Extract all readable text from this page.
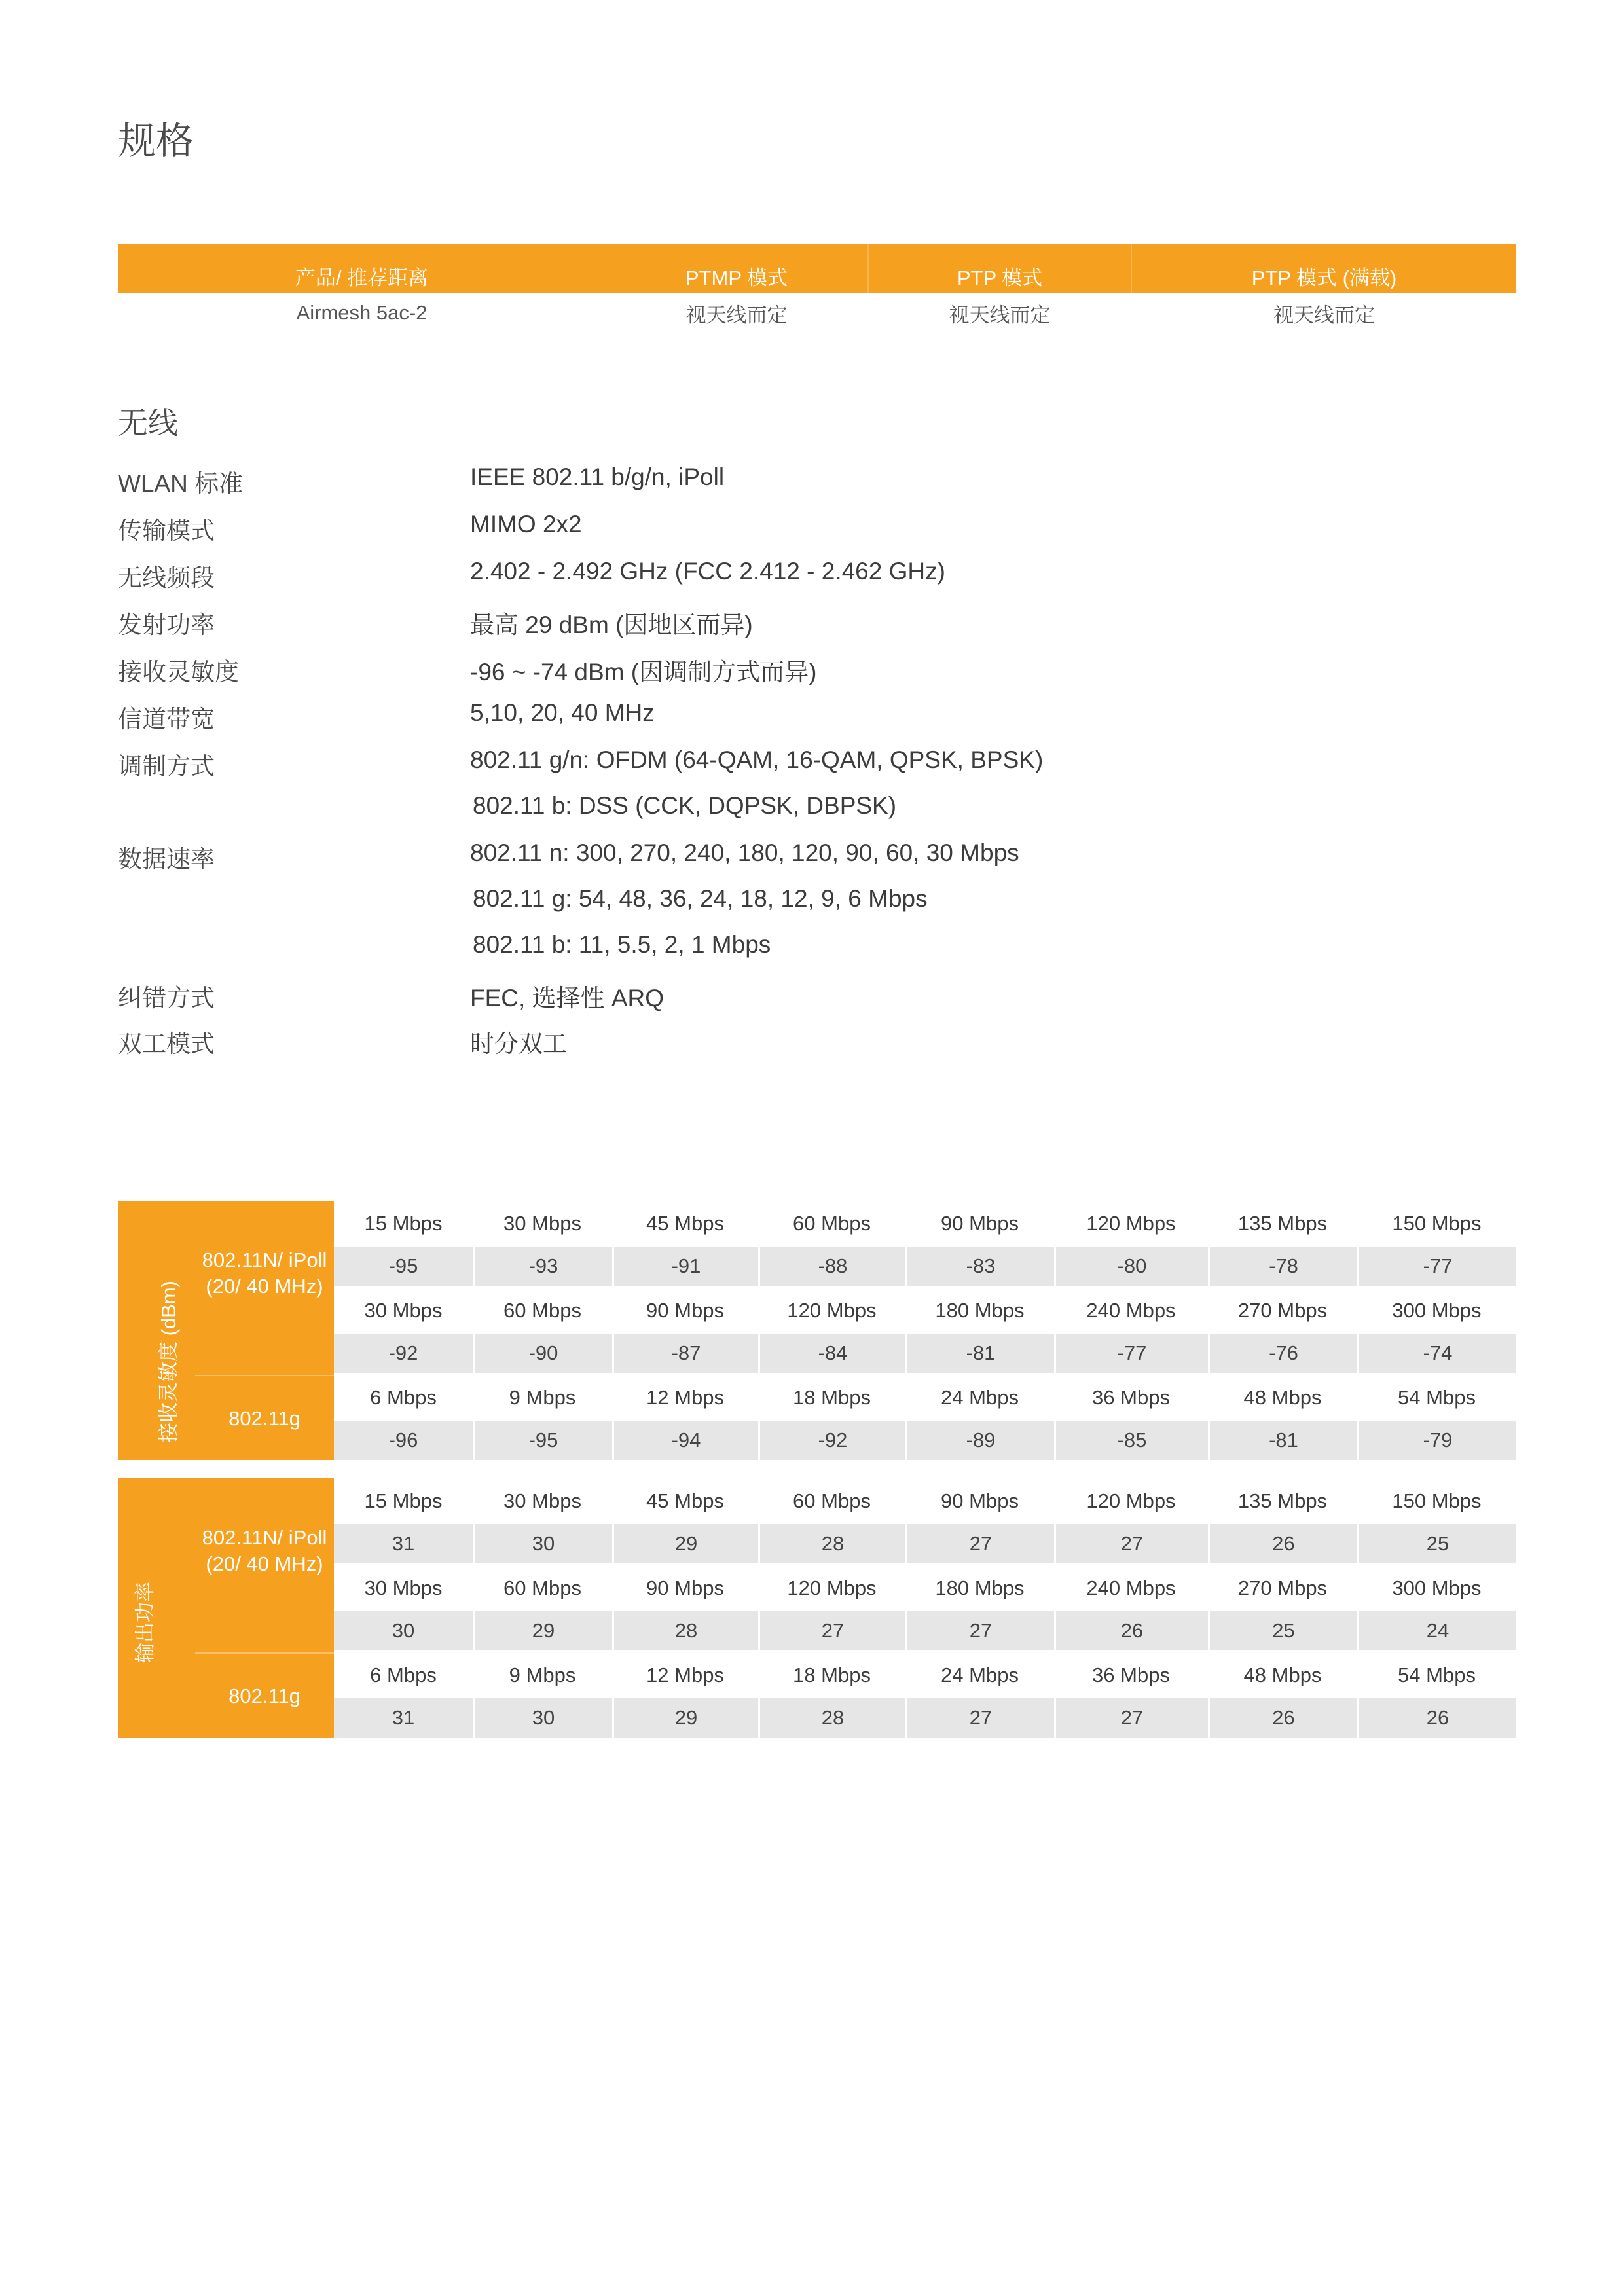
规格
产品/ 推荐距离	PTMP 模式	PTP 模式	PTP 模式 (满载)
Airmesh 5ac-2	视天线而定	视天线而定	视天线而定
无线
WLAN 标准	IEEE 802.11 b/g/n, iPoll
传输模式	MIMO 2x2
无线频段	2.402 - 2.492 GHz (FCC 2.412 - 2.462 GHz)
发射功率	最高 29 dBm (因地区而异)
接收灵敏度	-96 ~ -74 dBm (因调制方式而异)
信道带宽	5,10, 20, 40 MHz
调制方式	802.11 g/n: OFDM (64-QAM, 16-QAM, QPSK, BPSK)
802.11 b: DSS (CCK, DQPSK, DBPSK)
数据速率	802.11 n: 300, 270, 240, 180, 120, 90, 60, 30 Mbps
802.11 g: 54, 48, 36, 24, 18, 12, 9, 6 Mbps
802.11 b: 11, 5.5, 2, 1 Mbps
纠错方式	FEC, 选择性 ARQ
双工模式	时分双工
接收灵敏度 (dBm)
802.11N/ iPoll (20/ 40 MHz)
802.11g
15 Mbps	30 Mbps	45 Mbps	60 Mbps	90 Mbps	120 Mbps	135 Mbps	150 Mbps
-95	-93	-91	-88	-83	-80	-78	-77
30 Mbps	60 Mbps	90 Mbps	120 Mbps	180 Mbps	240 Mbps	270 Mbps	300 Mbps
-92	-90	-87	-84	-81	-77	-76	-74
6 Mbps	9 Mbps	12 Mbps	18 Mbps	24 Mbps	36 Mbps	48 Mbps	54 Mbps
-96	-95	-94	-92	-89	-85	-81	-79
输出功率
802.11N/ iPoll (20/ 40 MHz)
802.11g
15 Mbps	30 Mbps	45 Mbps	60 Mbps	90 Mbps	120 Mbps	135 Mbps	150 Mbps
31	30	29	28	27	27	26	25
30 Mbps	60 Mbps	90 Mbps	120 Mbps	180 Mbps	240 Mbps	270 Mbps	300 Mbps
30	29	28	27	27	26	25	24
6 Mbps	9 Mbps	12 Mbps	18 Mbps	24 Mbps	36 Mbps	48 Mbps	54 Mbps
31	30	29	28	27	27	26	26
